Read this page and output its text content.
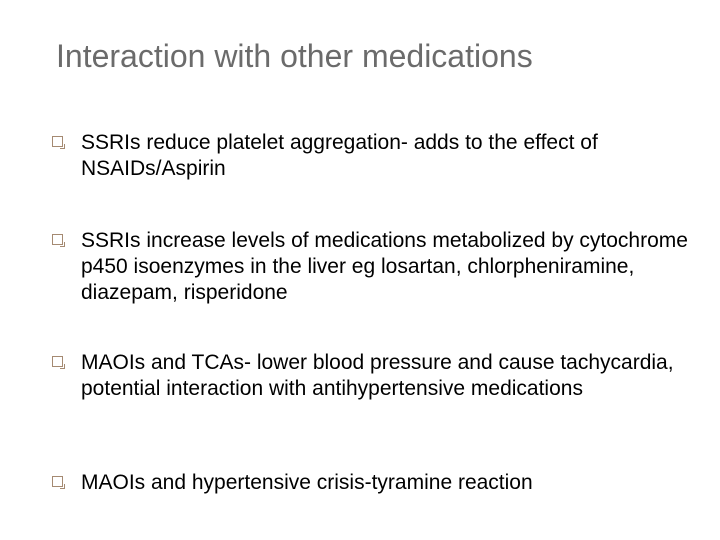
Interaction with other medications
SSRIs reduce platelet aggregation- adds to the effect of NSAIDs/Aspirin
SSRIs increase levels of medications metabolized by cytochrome p450 isoenzymes in the liver eg losartan, chlorpheniramine, diazepam, risperidone
MAOIs and TCAs- lower blood pressure and cause tachycardia, potential interaction with antihypertensive medications
MAOIs and hypertensive crisis-tyramine reaction
